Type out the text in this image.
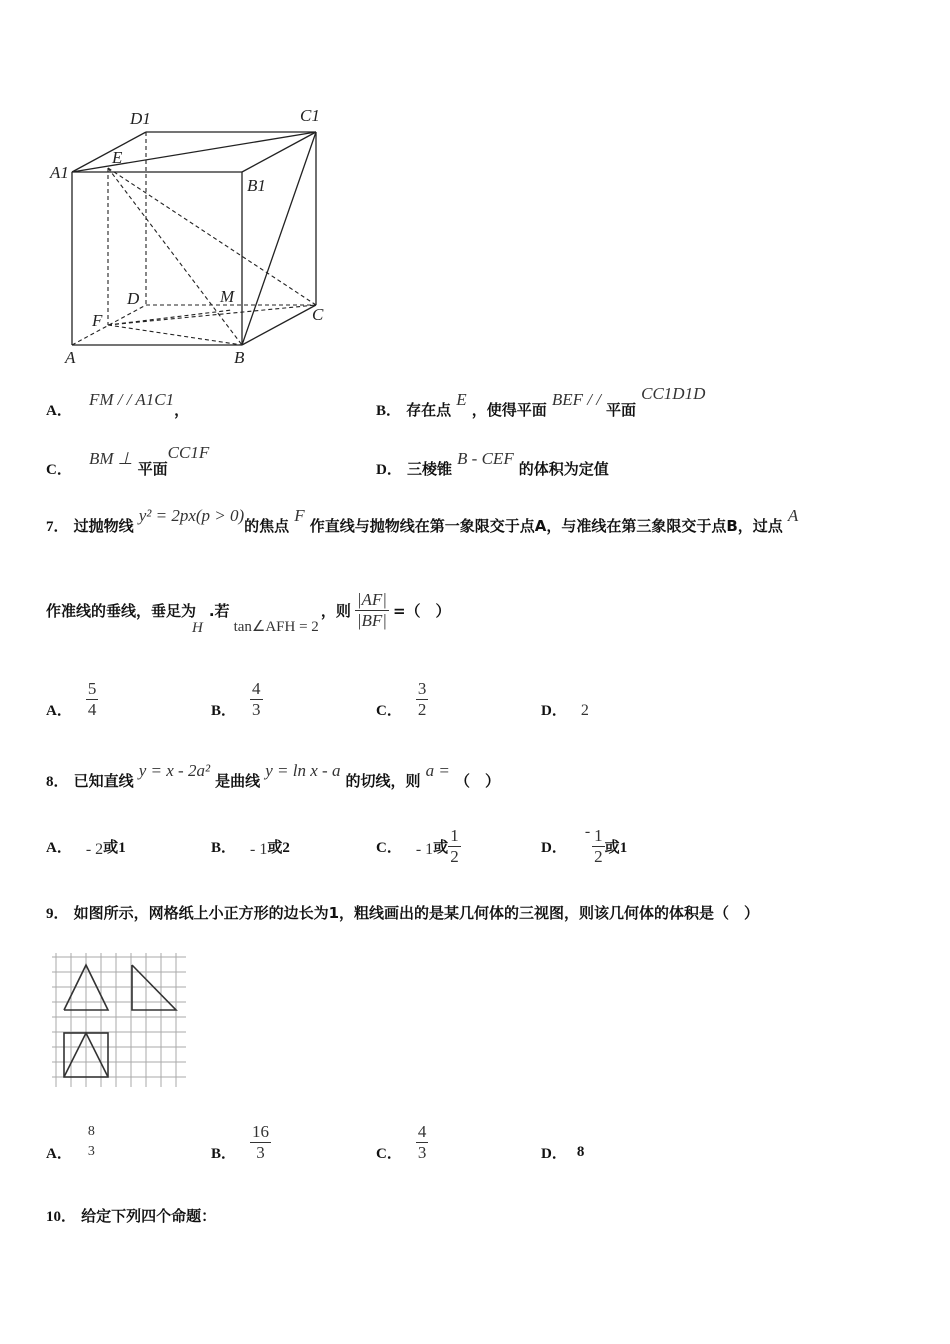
D1	C1
A1
E
B1
D	M
F	C
A	B
A． FM / / A1C1，	B． 存在点 E ，使得平面 BEF / / 平面 CC1D1D
C． BM ⊥ 平面CC1F
D． 三棱锥 B - CEF 的体积为定值
7． 过抛物线 y² = 2px(p > 0)的焦点 F 作直线与抛物线在第一象限交于点A，与准线在第三象限交于点B，过点 A
作准线的垂线，垂足为
H
.若
tan∠AFH = 2
，则 $\frac{|AF|}{|BF|}$ =（　）
A． $\frac{5}{4}$	B． $\frac{4}{3}$	C． $\frac{3}{2}$	D． 2
8． 已知直线 y = x - 2a² 是曲线 y = ln x - a 的切线，则 a = （　）
A． - 2 或 1	B． - 1 或 2	C． - 1 或 $\frac{1}{2}$	D．
- $\frac{1}{2}$ 或 1
9． 如图所示，网格纸上小正方形的边长为1，粗线画出的是某几何体的三视图，则该几何体的体积是（　）
A．
8
3	B． $\frac{16}{3}$	C． $\frac{4}{3}$	D． 8
10． 给定下列四个命题：
